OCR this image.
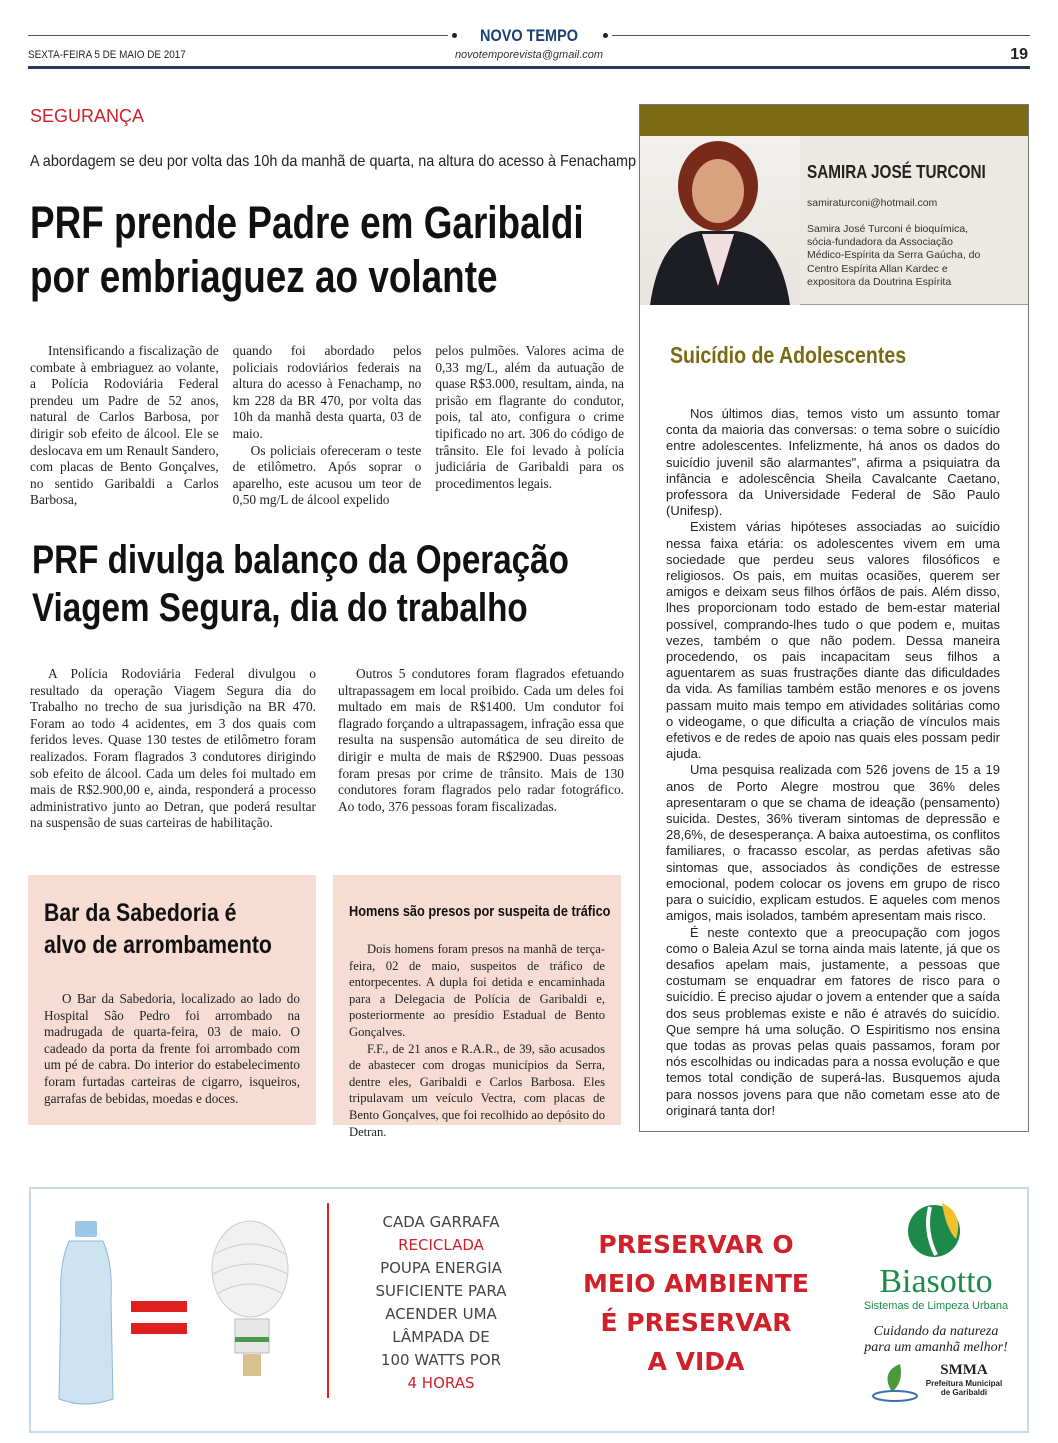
NOVO TEMPO
SEXTA-FEIRA 5 DE MAIO DE 2017	novotemporevista@gmail.com	19
SEGURANÇA
A abordagem se deu por volta das 10h da manhã de quarta, na altura do acesso à Fenachamp
PRF prende Padre em Garibaldi
por embriaguez ao volante

Intensificando a fiscalização de combate à embriaguez ao volante, a Polícia Rodoviária Federal prendeu um Padre de 52 anos, natural de Carlos Barbosa, por dirigir sob efeito de álcool. Ele se deslocava em um Renault Sandero, com placas de Bento Gonçalves, no sentido Garibaldi a Carlos Barbosa,

quando foi abordado pelos policiais rodoviários federais na altura do acesso à Fenachamp, no km 228 da BR 470, por volta das 10h da manhã desta quarta, 03 de maio.

Os policiais ofereceram o teste de etilômetro. Após soprar o aparelho, este acusou um teor de 0,50 mg/L de álcool expelido

pelos pulmões. Valores acima de 0,33 mg/L, além da autuação de quase R$3.000, resultam, ainda, na prisão em flagrante do condutor, pois, tal ato, configura o crime tipificado no art. 306 do código de trânsito. Ele foi levado à polícia judiciária de Garibaldi para os procedimentos legais.

PRF divulga balanço da Operação
Viagem Segura, dia do trabalho

A Polícia Rodoviária Federal divulgou o resultado da operação Viagem Segura dia do Trabalho no trecho de sua jurisdição na BR 470. Foram ao todo 4 acidentes, em 3 dos quais com feridos leves. Quase 130 testes de etilômetro foram realizados. Foram flagrados 3 condutores dirigindo sob efeito de álcool. Cada um deles foi multado em mais de R$2.900,00 e, ainda, responderá a processo administrativo junto ao Detran, que poderá resultar na suspensão de suas carteiras de habilitação.

Outros 5 condutores foram flagrados efetuando ultrapassagem em local proibido. Cada um deles foi multado em mais de R$1400. Um condutor foi flagrado forçando a ultrapassagem, infração essa que resulta na suspensão automática de seu direito de dirigir e multa de mais de R$2900. Duas pessoas foram presas por crime de trânsito. Mais de 130 condutores foram flagrados pelo radar fotográfico. Ao todo, 376 pessoas foram fiscalizadas.

Bar da Sabedoria é
alvo de arrombamento

O Bar da Sabedoria, localizado ao lado do Hospital São Pedro foi arrombado na madrugada de quarta-feira, 03 de maio. O cadeado da porta da frente foi arrombado com um pé de cabra. Do interior do estabelecimento foram furtadas carteiras de cigarro, isqueiros, garrafas de bebidas, moedas e doces.

Homens são presos por suspeita de tráfico

Dois homens foram presos na manhã de terça-feira, 02 de maio, suspeitos de tráfico de entorpecentes. A dupla foi detida e encaminhada para a Delegacia de Polícia de Garibaldi e, posteriormente ao presídio Estadual de Bento Gonçalves.

F.F., de 21 anos e R.A.R., de 39, são acusados de abastecer com drogas municípios da Serra, dentre eles, Garibaldi e Carlos Barbosa. Eles tripulavam um veículo Vectra, com placas de Bento Gonçalves, que foi recolhido ao depósito do Detran.

SAMIRA JOSÉ TURCONI
samiraturconi@hotmail.com
Samira José Turconi é bioquímica, sócia-fundadora da Associação Médico-Espírita da Serra Gaúcha, do Centro Espírita Allan Kardec e expositora da Doutrina Espírita
Suicídio de Adolescentes

Nos últimos dias, temos visto um assunto tomar conta da maioria das conversas: o tema sobre o suicídio entre adolescentes. Infelizmente, há anos os dados do suicídio juvenil são alarmantes", afirma a psiquiatra da infância e adolescência Sheila Cavalcante Caetano, professora da Universidade Federal de São Paulo (Unifesp).

Existem várias hipóteses associadas ao suicídio nessa faixa etária: os adolescentes vivem em uma sociedade que perdeu seus valores filosóficos e religiosos. Os pais, em muitas ocasiões, querem ser amigos e deixam seus filhos órfãos de pais. Além disso, lhes proporcionam todo estado de bem-estar material possível, comprando-lhes tudo o que podem e, muitas vezes, também o que não podem. Dessa maneira procedendo, os pais incapacitam seus filhos a aguentarem as suas frustrações diante das dificuldades da vida. As famílias também estão menores e os jovens passam muito mais tempo em atividades solitárias como o videogame, o que dificulta a criação de vínculos mais efetivos e de redes de apoio nas quais eles possam pedir ajuda.

Uma pesquisa realizada com 526 jovens de 15 a 19 anos de Porto Alegre mostrou que 36% deles apresentaram o que se chama de ideação (pensamento) suicida. Destes, 36% tiveram sintomas de depressão e 28,6%, de desesperança. A baixa autoestima, os conflitos familiares, o fracasso escolar, as perdas afetivas são sintomas que, associados às condições de estresse emocional, podem colocar os jovens em grupo de risco para o suicídio, explicam estudos. E aqueles com menos amigos, mais isolados, também apresentam mais risco.

É neste contexto que a preocupação com jogos como o Baleia Azul se torna ainda mais latente, já que os desafios apelam mais, justamente, a pessoas que costumam se enquadrar em fatores de risco para o suicídio. É preciso ajudar o jovem a entender que a saída dos seus problemas existe e não é através do suicídio. Que sempre há uma solução. O Espiritismo nos ensina que todas as provas pelas quais passamos, foram por nós escolhidas ou indicadas para a nossa evolução e que temos total condição de superá-las. Busquemos ajuda para nossos jovens para que não cometam esse ato de originará tanta dor!

CADA GARRAFA
RECICLADA
POUPA ENERGIA
SUFICIENTE PARA
ACENDER UMA
LÂMPADA DE
100 WATTS POR
4 HORAS
PRESERVAR O
MEIO AMBIENTE
É PRESERVAR
A VIDA
Biasotto
Sistemas de Limpeza Urbana
Cuidando da natureza
para um amanhã melhor!
SMMA
Prefeitura Municipal
de Garibaldi
